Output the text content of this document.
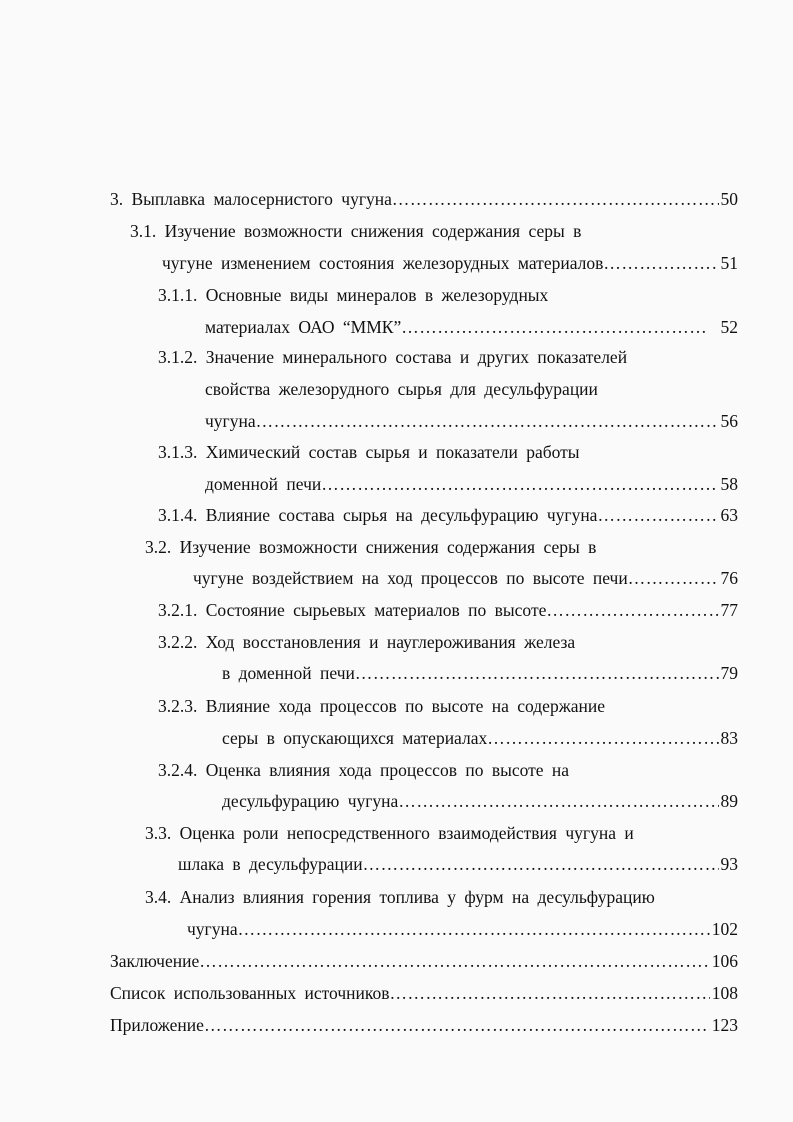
3. Выплавка малосернистого чугуна …………………………………………………………………………………………………………………………………………………………	50
3.1. Изучение возможности снижения содержания серы в
чугуне изменением состояния железорудных материалов …………………………………………………………………………………………………………………………………………………………	51
3.1.1. Основные виды минералов в железорудных
материалах ОАО “ММК” …………………………………………………………………………………………………………………………………………………………	52
3.1.2. Значение минерального состава и других показателей
свойства железорудного сырья для десульфурации
чугуна …………………………………………………………………………………………………………………………………………………………	56
3.1.3. Химический состав сырья и показатели работы
доменной печи …………………………………………………………………………………………………………………………………………………………	58
3.1.4. Влияние состава сырья на десульфурацию чугуна …………………………………………………………………………………………………………………………………………………………	63
3.2. Изучение возможности снижения содержания серы в
чугуне воздействием на ход процессов по высоте печи …………………………………………………………………………………………………………………………………………………………	76
3.2.1. Состояние сырьевых материалов по высоте …………………………………………………………………………………………………………………………………………………………	77
3.2.2. Ход восстановления и науглероживания железа
в доменной печи …………………………………………………………………………………………………………………………………………………………	79
3.2.3. Влияние хода процессов по высоте на содержание
серы в опускающихся материалах …………………………………………………………………………………………………………………………………………………………	83
3.2.4. Оценка влияния хода процессов по высоте на
десульфурацию чугуна …………………………………………………………………………………………………………………………………………………………	89
3.3. Оценка роли непосредственного взаимодействия чугуна и
шлака в десульфурации …………………………………………………………………………………………………………………………………………………………	93
3.4. Анализ влияния горения топлива у фурм на десульфурацию
чугуна …………………………………………………………………………………………………………………………………………………………	102
Заключение …………………………………………………………………………………………………………………………………………………………	106
Список использованных источников …………………………………………………………………………………………………………………………………………………………	108
Приложение …………………………………………………………………………………………………………………………………………………………	123
